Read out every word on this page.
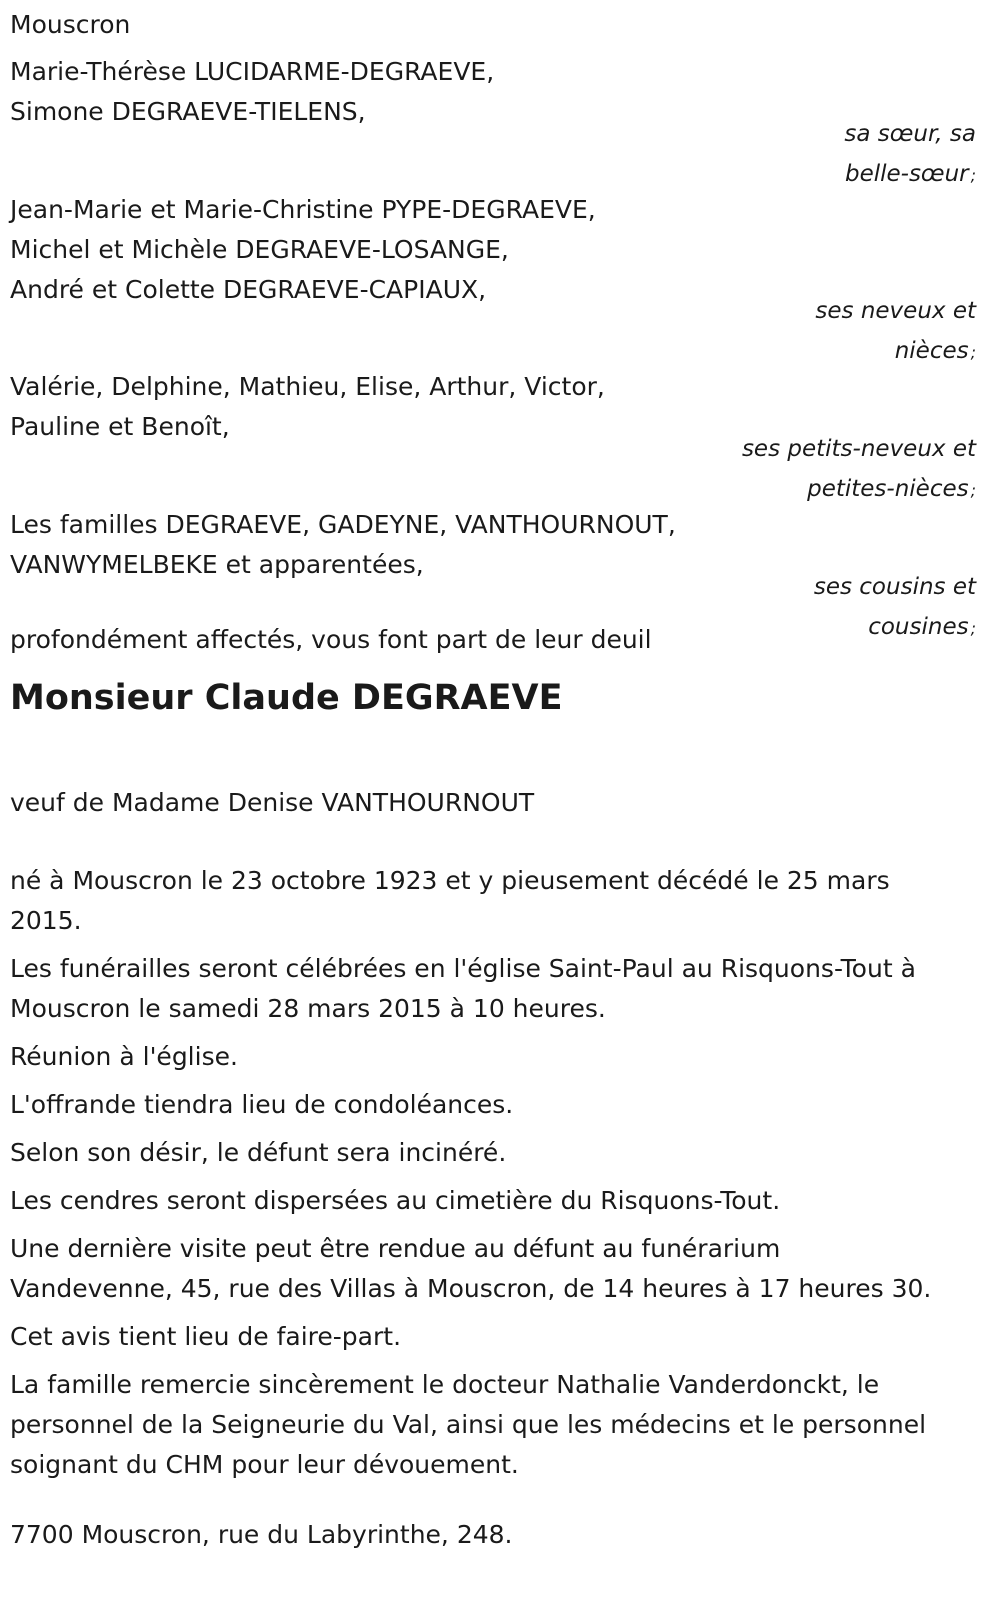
Mouscron
Marie-Thérèse LUCIDARME-DEGRAEVE,
Simone DEGRAEVE-TIELENS,
sa sœur, sa
belle-sœur ;
Jean-Marie et Marie-Christine PYPE-DEGRAEVE,
Michel et Michèle DEGRAEVE-LOSANGE,
André et Colette DEGRAEVE-CAPIAUX,
ses neveux et
nièces ;
Valérie, Delphine, Mathieu, Elise, Arthur, Victor,
Pauline et Benoît,
ses petits-neveux et
petites-nièces ;
Les familles DEGRAEVE, GADEYNE, VANTHOURNOUT,
VANWYMELBEKE et apparentées,
ses cousins et
cousines ;
profondément affectés, vous font part de leur deuil
Monsieur Claude DEGRAEVE
veuf de Madame Denise VANTHOURNOUT
né à Mouscron le 23 octobre 1923 et y pieusement décédé le 25 mars
2015.
Les funérailles seront célébrées en l'église Saint-Paul au Risquons-Tout à
Mouscron le samedi 28 mars 2015 à 10 heures.
Réunion à l'église.
L'offrande tiendra lieu de condoléances.
Selon son désir, le défunt sera incinéré.
Les cendres seront dispersées au cimetière du Risquons-Tout.
Une dernière visite peut être rendue au défunt au funérarium
Vandevenne, 45, rue des Villas à Mouscron, de 14 heures à 17 heures 30.
Cet avis tient lieu de faire-part.
La famille remercie sincèrement le docteur Nathalie Vanderdonckt, le
personnel de la Seigneurie du Val, ainsi que les médecins et le personnel
soignant du CHM pour leur dévouement.
7700 Mouscron, rue du Labyrinthe, 248.
